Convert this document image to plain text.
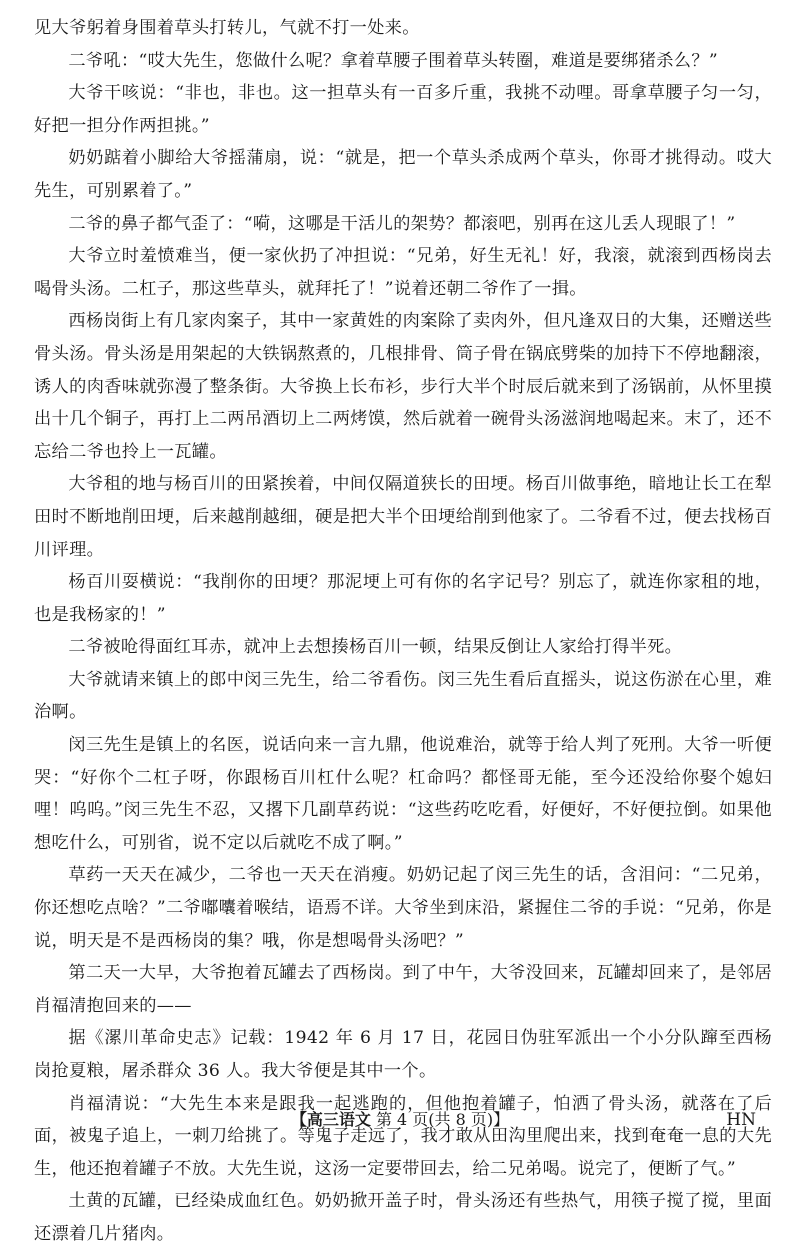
见大爷躬着身围着草头打转儿，气就不打一处来。

二爷吼：“哎大先生，您做什么呢？拿着草腰子围着草头转圈，难道是要绑猪杀么？”

大爷干咳说：“非也，非也。这一担草头有一百多斤重，我挑不动哩。哥拿草腰子匀一匀，好把一担分作两担挑。”

奶奶踮着小脚给大爷摇蒲扇，说：“就是，把一个草头杀成两个草头，你哥才挑得动。哎大先生，可别累着了。”

二爷的鼻子都气歪了：“嗬，这哪是干活儿的架势？都滚吧，别再在这儿丢人现眼了！”

大爷立时羞愤难当，便一家伙扔了冲担说：“兄弟，好生无礼！好，我滚，就滚到西杨岗去喝骨头汤。二杠子，那这些草头，就拜托了！”说着还朝二爷作了一揖。

西杨岗街上有几家肉案子，其中一家黄姓的肉案除了卖肉外，但凡逢双日的大集，还赠送些骨头汤。骨头汤是用架起的大铁锅熬煮的，几根排骨、筒子骨在锅底劈柴的加持下不停地翻滚，诱人的肉香味就弥漫了整条街。大爷换上长布衫，步行大半个时辰后就来到了汤锅前，从怀里摸出十几个铜子，再打上二两吊酒切上二两烤馍，然后就着一碗骨头汤滋润地喝起来。末了，还不忘给二爷也拎上一瓦罐。

大爷租的地与杨百川的田紧挨着，中间仅隔道狭长的田埂。杨百川做事绝，暗地让长工在犁田时不断地削田埂，后来越削越细，硬是把大半个田埂给削到他家了。二爷看不过，便去找杨百川评理。

杨百川耍横说：“我削你的田埂？那泥埂上可有你的名字记号？别忘了，就连你家租的地，也是我杨家的！”

二爷被呛得面红耳赤，就冲上去想揍杨百川一顿，结果反倒让人家给打得半死。

大爷就请来镇上的郎中闵三先生，给二爷看伤。闵三先生看后直摇头，说这伤淤在心里，难治啊。

闵三先生是镇上的名医，说话向来一言九鼎，他说难治，就等于给人判了死刑。大爷一听便哭：“好你个二杠子呀，你跟杨百川杠什么呢？杠命吗？都怪哥无能，至今还没给你娶个媳妇哩！呜呜。”闵三先生不忍，又撂下几副草药说：“这些药吃吃看，好便好，不好便拉倒。如果他想吃什么，可别省，说不定以后就吃不成了啊。”

草药一天天在减少，二爷也一天天在消瘦。奶奶记起了闵三先生的话，含泪问：“二兄弟，你还想吃点啥？”二爷嘟囔着喉结，语焉不详。大爷坐到床沿，紧握住二爷的手说：“兄弟，你是说，明天是不是西杨岗的集？哦，你是想喝骨头汤吧？”

第二天一大早，大爷抱着瓦罐去了西杨岗。到了中午，大爷没回来，瓦罐却回来了，是邻居肖福清抱回来的——

据《漯川革命史志》记载：1942 年 6 月 17 日，花园日伪驻军派出一个小分队蹿至西杨岗抢夏粮，屠杀群众 36 人。我大爷便是其中一个。

肖福清说：“大先生本来是跟我一起逃跑的，但他抱着罐子，怕洒了骨头汤，就落在了后面，被鬼子追上，一刺刀给挑了。等鬼子走远了，我才敢从田沟里爬出来，找到奄奄一息的大先生，他还抱着罐子不放。大先生说，这汤一定要带回去，给二兄弟喝。说完了，便断了气。”

土黄的瓦罐，已经染成血红色。奶奶掀开盖子时，骨头汤还有些热气，用筷子搅了搅，里面还漂着几片猪肉。

【高三语文 第 4 页(共 8 页)】	HN
